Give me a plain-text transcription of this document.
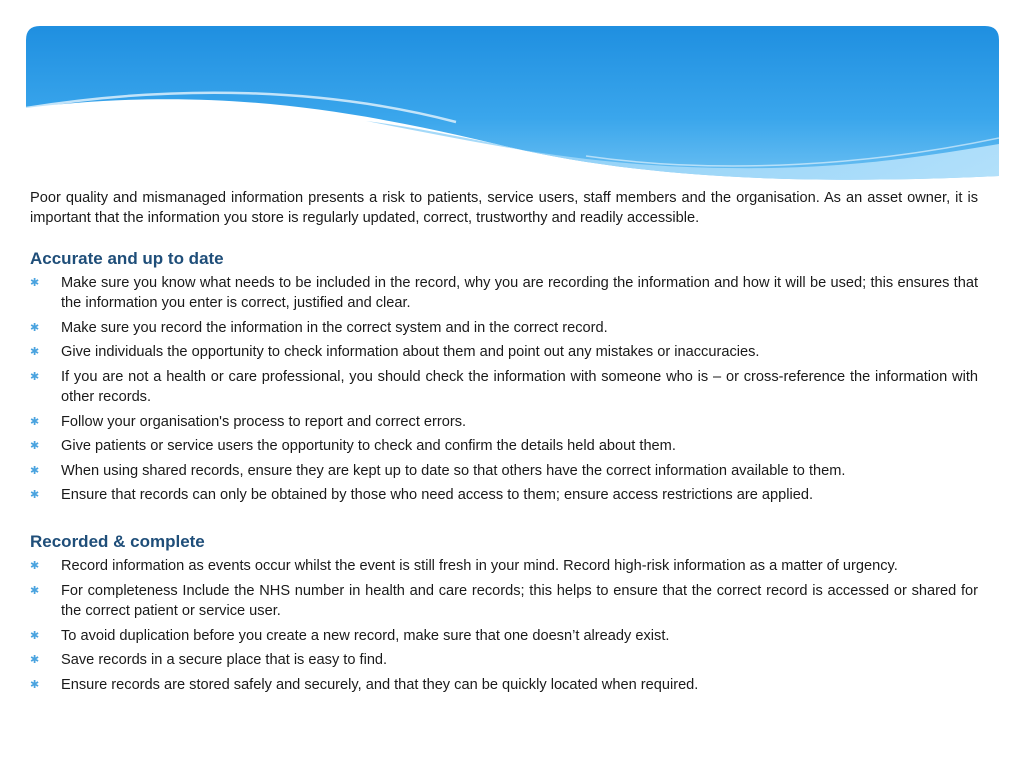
Poor quality and mismanaged information presents a risk to patients, service users, staff members and the organisation. As an asset owner, it is important that the information you store is regularly updated, correct, trustworthy and readily accessible.

Accurate and up to date
✱ Make sure you know what needs to be included in the record, why you are recording the information and how it will be used; this ensures that the information you enter is correct, justified and clear.
✱ Make sure you record the information in the correct system and in the correct record.
✱ Give individuals the opportunity to check information about them and point out any mistakes or inaccuracies.
✱ If you are not a health or care professional, you should check the information with someone who is – or cross-reference the information with other records.
✱ Follow your organisation's process to report and correct errors.
✱ Give patients or service users the opportunity to check and confirm the details held about them.
✱ When using shared records, ensure they are kept up to date so that others have the correct information available to them.
✱ Ensure that records can only be obtained by those who need access to them; ensure access restrictions are applied.
Recorded & complete
✱ Record information as events occur whilst the event is still fresh in your mind. Record high-risk information as a matter of urgency.
✱ For completeness Include the NHS number in health and care records; this helps to ensure that the correct record is accessed or shared for the correct patient or service user.
✱ To avoid duplication before you create a new record, make sure that one doesn’t already exist.
✱ Save records in a secure place that is easy to find.
✱ Ensure records are stored safely and securely, and that they can be quickly located when required.
